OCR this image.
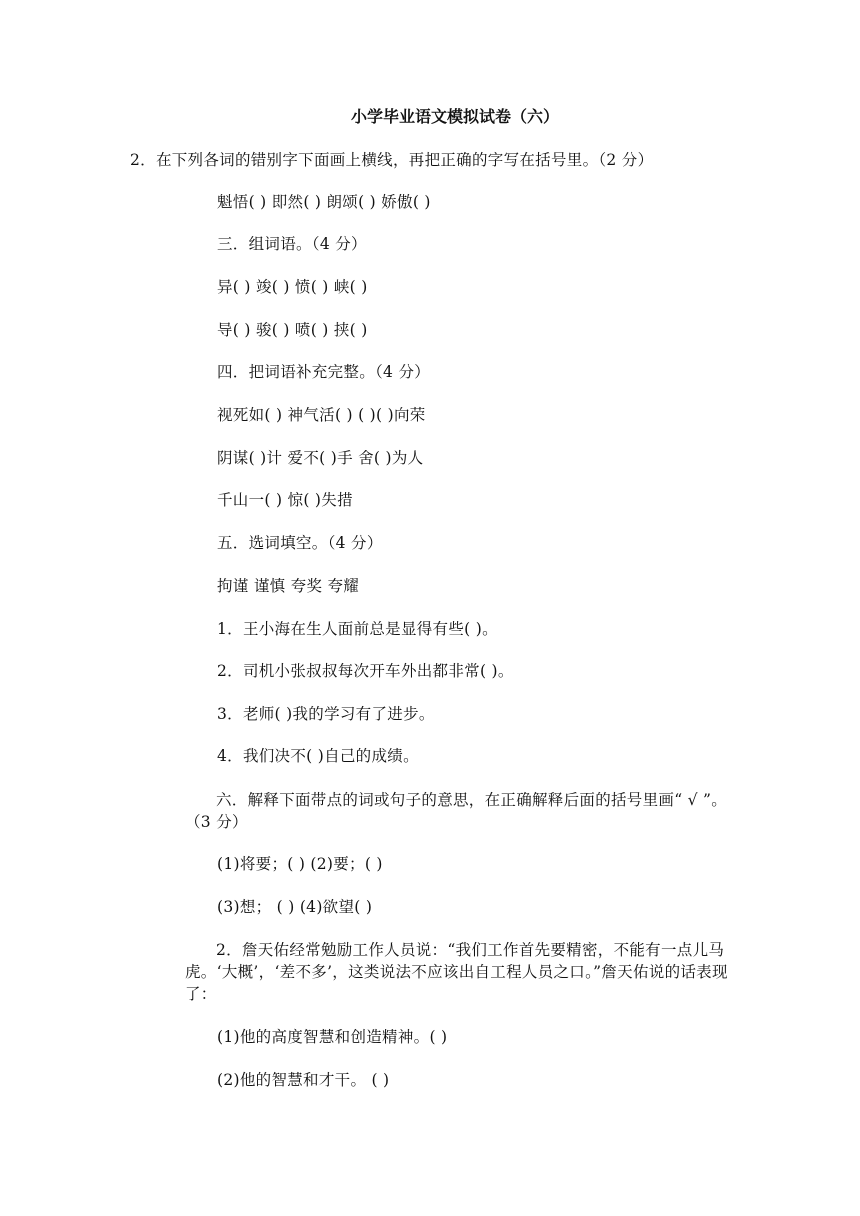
小学毕业语文模拟试卷（六）
2．在下列各词的错别字下面画上横线，再把正确的字写在括号里。（2 分）
魁悟( ) 即然( ) 朗颂( ) 娇傲( )
三．组词语。（4 分）
异( ) 竣( ) 愤( ) 峡( )
导( ) 骏( ) 喷( ) 挟( )
四．把词语补充完整。（4 分）
视死如( ) 神气活( ) ( )( )向荣
阴谋( )计 爱不( )手 舍( )为人
千山一( ) 惊( )失措
五．选词填空。（4 分）
拘谨 谨慎 夸奖 夸耀
1．王小海在生人面前总是显得有些( )。
2．司机小张叔叔每次开车外出都非常( )。
3．老师( )我的学习有了进步。
4．我们决不( )自己的成绩。
六．解释下面带点的词或句子的意思，在正确解释后面的括号里画“ √ ”。（3 分）
(1)将要；( ) (2)要；( )
(3)想； ( ) (4)欲望( )
2．詹天佑经常勉励工作人员说：“我们工作首先要精密，不能有一点儿马虎。‘大概’，‘差不多’，这类说法不应该出自工程人员之口。”詹天佑说的话表现了：
(1)他的高度智慧和创造精神。( )
(2)他的智慧和才干。 ( )
